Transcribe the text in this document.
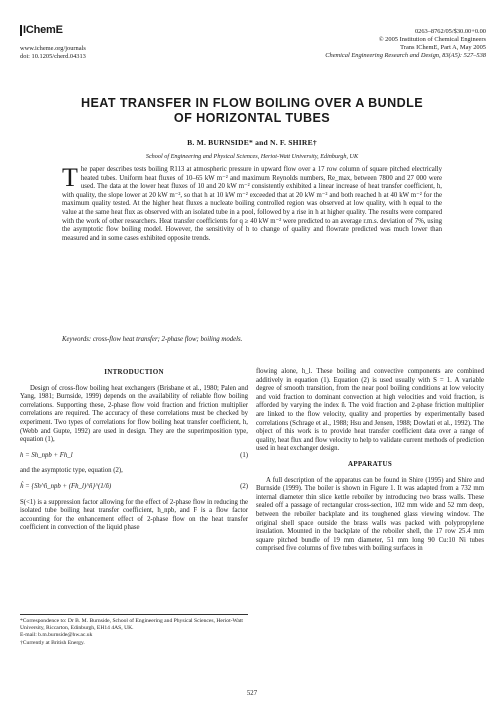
IChemE
www.icheme.org/journals
doi: 10.1205/cherd.04313
0263–8762/05/$30.00+0.00
© 2005 Institution of Chemical Engineers
Trans IChemE, Part A, May 2005
Chemical Engineering Research and Design, 83(A5): 527–538
HEAT TRANSFER IN FLOW BOILING OVER A BUNDLE
OF HORIZONTAL TUBES
B. M. BURNSIDE* and N. F. SHIRE†
School of Engineering and Physical Sciences, Heriot-Watt University, Edinburgh, UK
The paper describes tests boiling R113 at atmospheric pressure in upward flow over a 17 row column of square pitched electrically heated tubes. Uniform heat fluxes of 10–65 kW m⁻² and maximum Reynolds numbers, Re_max, between 7800 and 27 000 were used. The data at the lower heat fluxes of 10 and 20 kW m⁻² consistently exhibited a linear increase of heat transfer coefficient, h, with quality, the slope lower at 20 kW m⁻², so that h at 10 kW m⁻² exceeded that at 20 kW m⁻² and both reached h at 40 kW m⁻² for the maximum quality tested. At the higher heat fluxes a nucleate boiling controlled region was observed at low quality, with h equal to the value at the same heat flux as observed with an isolated tube in a pool, followed by a rise in h at higher quality. The results were compared with the work of other researchers. Heat transfer coefficients for q ≥ 40 kW m⁻² were predicted to an average r.m.s. deviation of 7%, using the asymptotic flow boiling model. However, the sensitivity of h to change of quality and flowrate predicted was much lower than measured and in some cases exhibited opposite trends.
Keywords: cross-flow heat transfer; 2-phase flow; boiling models.
INTRODUCTION
Design of cross-flow boiling heat exchangers (Brisbane et al., 1980; Palen and Yang, 1981; Burnside, 1999) depends on the availability of reliable flow boiling correlations. Supporting these, 2-phase flow void fraction and friction multiplier correlations are required. The accuracy of these correlations must be checked by experiment. Two types of correlations for flow boiling heat transfer coefficient, h, (Webb and Gupte, 1992) are used in design. They are the superimposition type, equation (1),
h = Sh_npb + Fh_l	(1)
and the asymptotic type, equation (2),
ĥ = {Sh^ñ_npb + (Fh_l)^ñ}^(1/ñ)	(2)
S(<1) is a suppression factor allowing for the effect of 2-phase flow in reducing the isolated tube boiling heat transfer coefficient, h_npb, and F is a flow factor accounting for the enhancement effect of 2-phase flow on the heat transfer coefficient in convection of the liquid phase
flowing alone, h_l. These boiling and convective components are combined additively in equation (1). Equation (2) is used usually with S = 1. A variable degree of smooth transition, from the near pool boiling conditions at low velocity and void fraction to dominant convection at high velocities and void fraction, is afforded by varying the index ñ. The void fraction and 2-phase friction multiplier are linked to the flow velocity, quality and properties by experimentally based correlations (Schrage et al., 1988; Hsu and Jensen, 1988; Dowlati et al., 1992). The object of this work is to provide heat transfer coefficient data over a range of quality, heat flux and flow velocity to help to validate current methods of prediction used in heat exchanger design.
APPARATUS
A full description of the apparatus can be found in Shire (1995) and Shire and Burnside (1999). The boiler is shown in Figure 1. It was adapted from a 732 mm internal diameter thin slice kettle reboiler by introducing two brass walls. These sealed off a passage of rectangular cross-section, 102 mm wide and 52 mm deep, between the reboiler backplate and its toughened glass viewing window. The original shell space outside the brass walls was packed with polypropylene insulation. Mounted in the backplate of the reboiler shell, the 17 row 25.4 mm square pitched bundle of 19 mm diameter, 51 mm long 90 Cu:10 Ni tubes comprised five columns of five tubes with boiling surfaces in
*Correspondence to: Dr B. M. Burnside, School of Engineering and Physical Sciences, Heriot-Watt University, Riccarton, Edinburgh, EH14 4AS, UK.
E-mail: b.m.burnside@hw.ac.uk
†Currently at British Energy.
527
